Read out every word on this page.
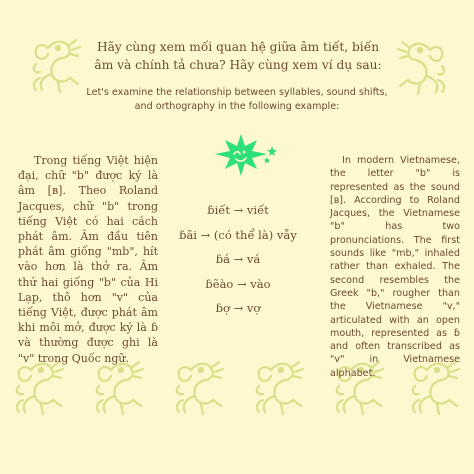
Hãy cùng xem mối quan hệ giữa âm tiết, biến âm và chính tả chưa? Hãy cùng xem ví dụ sau:
Let's examine the relationship between syllables, sound shifts, and orthography in the following example:

Trong tiếng Việt hiện đại, chữ "b" được ký là âm [ʙ]. Theo Roland Jacques, chữ "b" trong tiếng Việt có hai cách phát âm. Âm đầu tiên phát âm giống "mb", hít vào hơn là thở ra. Âm thứ hai giống "b" của Hi Lạp, thô hơn "v" của tiếng Việt, được phát âm khi môi mở, được ký là ɓ và thường được ghi là "v" trong Quốc ngữ.

ɓiết → viết
ɓãi → (có thể là) vẫy
ɓá → vá
ɓẽào → vào
ɓợ → vợ

In modern Vietnamese, the letter "b" is represented as the sound [ʙ]. According to Roland Jacques, the Vietnamese "b" has two pronunciations. The first sounds like "mb," inhaled rather than exhaled. The second resembles the Greek "b," rougher than the Vietnamese "v," articulated with an open mouth, represented as ɓ and often transcribed as "v" in Vietnamese alphabet.
